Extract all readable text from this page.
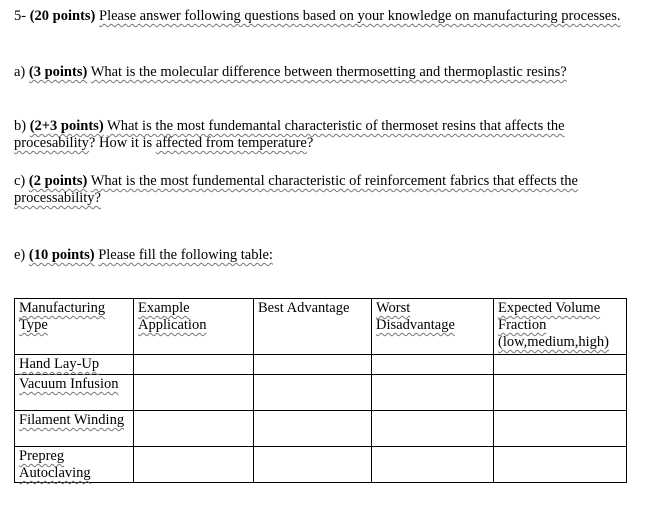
5- (20 points) Please answer following questions based on your knowledge on manufacturing processes.

a) (3 points) What is the molecular difference between thermosetting and thermoplastic resins?

b) (2+3 points) What is the most fundemantal characteristic of thermoset resins that affects the procesability? How it is affected from temperature?

c) (2 points) What is the most fundemental characteristic of reinforcement fabrics that effects the processability?

e) (10 points) Please fill the following table:

Manufacturing Type	Example Application	Best Advantage	Worst Disadvantage	Expected Volume Fraction (low,medium,high)
Hand Lay-Up				
Vacuum Infusion				
Filament Winding				
Prepreg Autoclaving				
